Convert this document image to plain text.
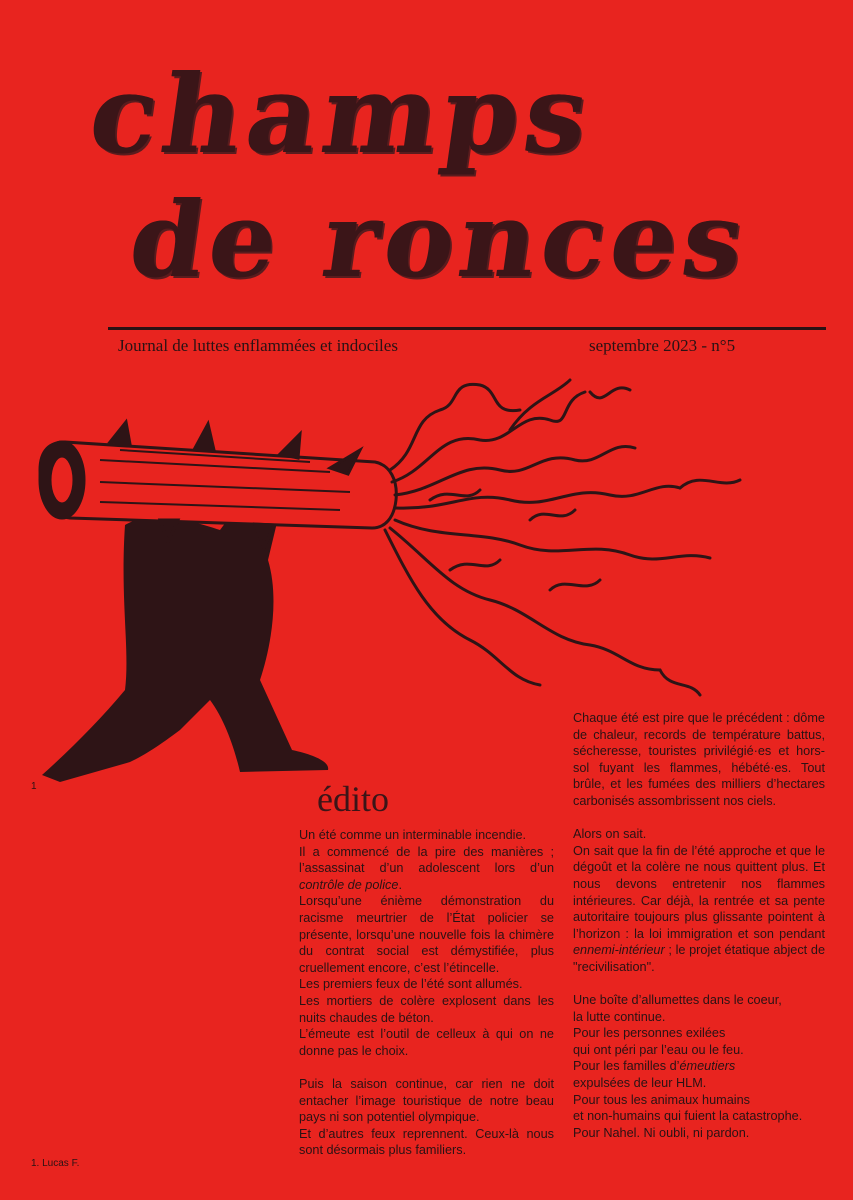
champs
de ronces
Journal de luttes enflammées et indociles	septembre 2023 - n°5
1
1. Lucas F.
édito

Un été comme un interminable incendie.

Il a commencé de la pire des manières ; l’assassinat d’un adolescent lors d’un contrôle de police.

Lorsqu’une énième démonstration du racisme meurtrier de l’État policier se présente, lorsqu’une nouvelle fois la chimère du contrat social est démystifiée, plus cruellement encore, c’est l’étincelle.

Les premiers feux de l’été sont allumés.

Les mortiers de colère explosent dans les nuits chaudes de béton.

L’émeute est l’outil de celleux à qui on ne donne pas le choix.

Puis la saison continue, car rien ne doit entacher l’image touristique de notre beau pays ni son potentiel olympique.

Et d’autres feux reprennent. Ceux-là nous sont désormais plus familiers.

Chaque été est pire que le précédent : dôme de chaleur, records de température battus, sécheresse, touristes privilégié·es et hors-sol fuyant les flammes, hébété·es. Tout brûle, et les fumées des milliers d’hectares carbonisés assombrissent nos ciels.

Alors on sait.

On sait que la fin de l’été approche et que le dégoût et la colère ne nous quittent plus. Et nous devons entretenir nos flammes intérieures. Car déjà, la rentrée et sa pente autoritaire toujours plus glissante pointent à l’horizon : la loi immigration et son pendant ennemi-intérieur ; le projet étatique abject de "recivilisation".

Une boîte d’allumettes dans le coeur,

la lutte continue.

Pour les personnes exilées

qui ont péri par l’eau ou le feu.

Pour les familles d’émeutiers

expulsées de leur HLM.

Pour tous les animaux humains

et non-humains qui fuient la catastrophe.

Pour Nahel. Ni oubli, ni pardon.
